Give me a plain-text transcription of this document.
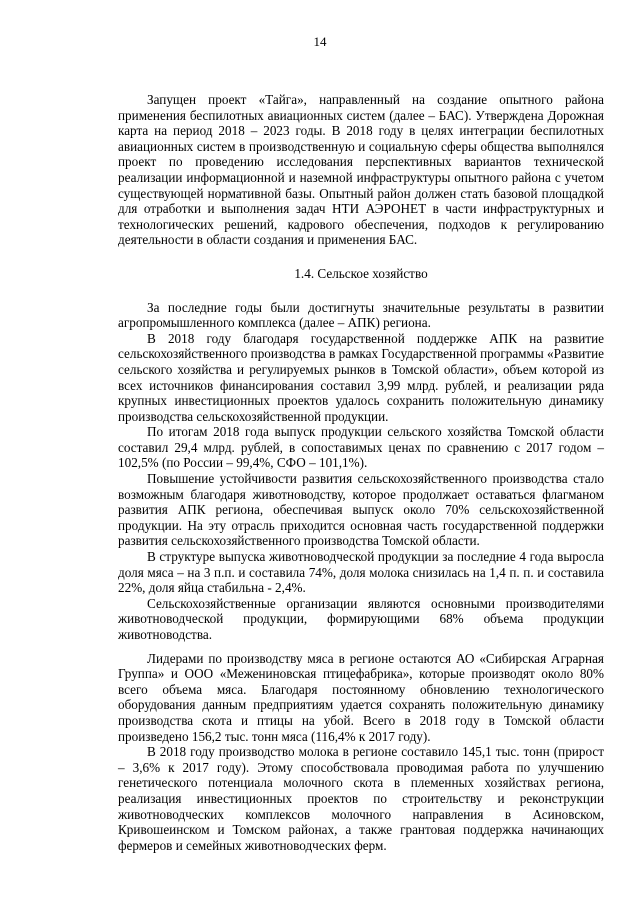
14

Запущен проект «Тайга», направленный на создание опытного района применения беспилотных авиационных систем (далее – БАС). Утверждена Дорожная карта на период 2018 – 2023 годы. В 2018 году в целях интеграции беспилотных авиационных систем в производственную и социальную сферы общества выполнялся проект по проведению исследования перспективных вариантов технической реализации информационной и наземной инфраструктуры опытного района с учетом существующей нормативной базы. Опытный район должен стать базовой площадкой для отработки и выполнения задач НТИ АЭРОНЕТ в части инфраструктурных и технологических решений, кадрового обеспечения, подходов к регулированию деятельности в области создания и применения БАС.

1.4. Сельское хозяйство

За последние годы были достигнуты значительные результаты в развитии агропромышленного комплекса (далее – АПК) региона.

В 2018 году благодаря государственной поддержке АПК на развитие сельскохозяйственного производства в рамках Государственной программы «Развитие сельского хозяйства и регулируемых рынков в Томской области», объем которой из всех источников финансирования составил 3,99 млрд. рублей, и реализации ряда крупных инвестиционных проектов удалось сохранить положительную динамику производства сельскохозяйственной продукции.

По итогам 2018 года выпуск продукции сельского хозяйства Томской области составил 29,4 млрд. рублей, в сопоставимых ценах по сравнению с 2017 годом – 102,5% (по России – 99,4%, СФО – 101,1%).

Повышение устойчивости развития сельскохозяйственного производства стало возможным благодаря животноводству, которое продолжает оставаться флагманом развития АПК региона, обеспечивая выпуск около 70% сельскохозяйственной продукции. На эту отрасль приходится основная часть государственной поддержки развития сельскохозяйственного производства Томской области.

В структуре выпуска животноводческой продукции за последние 4 года выросла доля мяса – на 3 п.п. и составила 74%, доля молока снизилась на 1,4 п. п. и составила 22%, доля яйца стабильна - 2,4%.

Сельскохозяйственные организации являются основными производителями животноводческой продукции, формирующими 68% объема продукции животноводства.

Лидерами по производству мяса в регионе остаются АО «Сибирская Аграрная Группа» и ООО «Межениновская птицефабрика», которые производят около 80% всего объема мяса. Благодаря постоянному обновлению технологического оборудования данным предприятиям удается сохранять положительную динамику производства скота и птицы на убой. Всего в 2018 году в Томской области произведено 156,2 тыс. тонн мяса (116,4% к 2017 году).

В 2018 году производство молока в регионе составило 145,1 тыс. тонн (прирост – 3,6% к 2017 году). Этому способствовала проводимая работа по улучшению генетического потенциала молочного скота в племенных хозяйствах региона, реализация инвестиционных проектов по строительству и реконструкции животноводческих комплексов молочного направления в Асиновском, Кривошеинском и Томском районах, а также грантовая поддержка начинающих фермеров и семейных животноводческих ферм.
